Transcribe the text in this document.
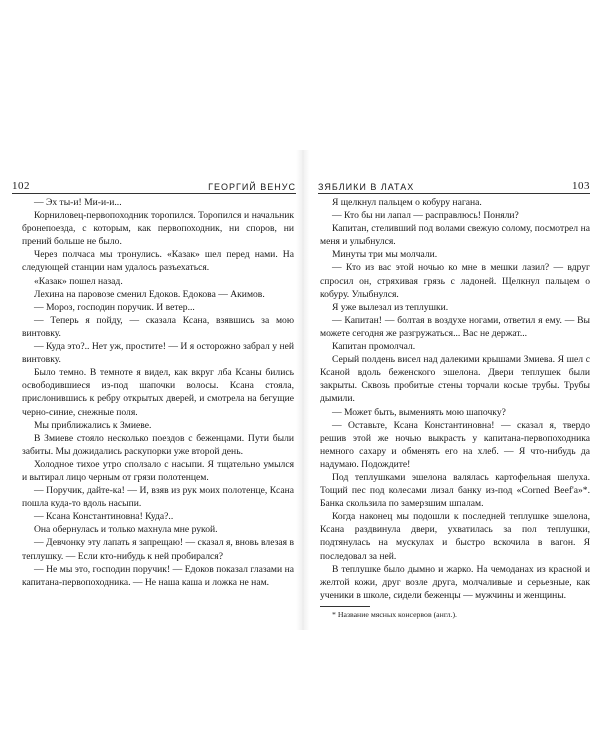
102	ГЕОРГИЙ ВЕНУС

— Эх ты-и! Ми-и-и...

Корниловец-первопоходник торопился. Торопился и начальник бронепоезда, с которым, как первопоходник, ни споров, ни прений больше не было.

Через полчаса мы тронулись. «Казак» шел перед нами. На следующей станции нам удалось разъехаться.

«Казак» пошел назад.

Лехина на паровозе сменил Едоков. Едокова — Акимов.

— Мороз, господин поручик. И ветер...

— Теперь я пойду, — сказала Ксана, взявшись за мою винтовку.

— Куда это?.. Нет уж, простите! — И я осторожно забрал у ней винтовку.

Было темно. В темноте я видел, как вкруг лба Ксаны бились освободившиеся из-под шапочки волосы. Ксана стояла, прислонившись к ребру открытых дверей, и смотрела на бегущие черно-синие, снежные поля.

Мы приближались к Змиеве.

В Змиеве стояло несколько поездов с беженцами. Пути были забиты. Мы дожидались раскупорки уже второй день.

Холодное тихое утро сползало с насыпи. Я тщательно умылся и вытирал лицо черным от грязи полотенцем.

— Поручик, дайте-ка! — И, взяв из рук моих полотенце, Ксана пошла куда-то вдоль насыпи.

— Ксана Константиновна! Куда?..

Она обернулась и только махнула мне рукой.

— Девчонку эту лапать я запрещаю! — сказал я, вновь влезая в теплушку. — Если кто-нибудь к ней пробирался?

— Не мы это, господин поручик! — Едоков показал глазами на капитана-первопоходника. — Не наша каша и ложка не нам.

ЗЯБЛИКИ В ЛАТАХ	103

Я щелкнул пальцем о кобуру нагана.

— Кто бы ни лапал — расправлюсь! Поняли?

Капитан, стеливший под волами свежую солому, посмотрел на меня и улыбнулся.

Минуты три мы молчали.

— Кто из вас этой ночью ко мне в мешки лазил? — вдруг спросил он, стряхивая грязь с ладоней. Щелкнул пальцем о кобуру. Улыбнулся.

Я уже вылезал из теплушки.

— Капитан! — болтая в воздухе ногами, ответил я ему. — Вы можете сегодня же разгружаться... Вас не держат...

Капитан промолчал.

Серый полдень висел над далекими крышами Змиева. Я шел с Ксаной вдоль беженского эшелона. Двери теплушек были закрыты. Сквозь пробитые стены торчали косые трубы. Трубы дымили.

— Может быть, вымениять мою шапочку?

— Оставьте, Ксана Константиновна! — сказал я, твердо решив этой же ночью выкрасть у капитана-первопоходника немного сахару и обменять его на хлеб. — Я что-нибудь да надумаю. Подождите!

Под теплушками эшелона валялась картофельная шелуха. Тощий пес под колесами лизал банку из-под «Corned Beef'a»*. Банка скользила по замерзшим шпалам.

Когда наконец мы подошли к последней теплушке эшелона, Ксана раздвинула двери, ухватилась за пол теплушки, подтянулась на мускулах и быстро вскочила в вагон. Я последовал за ней.

В теплушке было дымно и жарко. На чемоданах из красной и желтой кожи, друг возле друга, молчаливые и серьезные, как ученики в школе, сидели беженцы — мужчины и женщины.

* Название мясных консервов (англ.).
